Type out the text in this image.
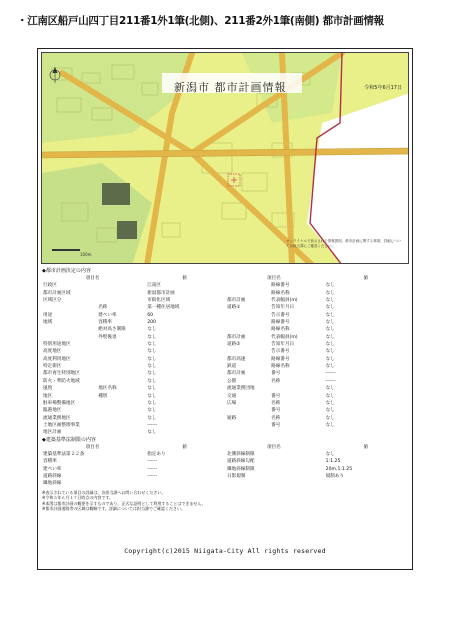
・江南区船戸山四丁目211番1外1筆(北側)、211番2外1筆(南側) 都市計画情報
新潟市 都市計画情報	令和5年6月17日
100m
オンライナルで表示された情報図面、都市計画に関する事項、詳細については担当課にご確認ください。
◆都市計画決定の内容
項目名		値
行政区		江南区
都市計画区域		新潟都市計画
区域区分		市街化区域
	名称	第一種住居地域
用途	建ぺい率	60
地域	容積率	200
	絶対高さ制限	なし
	外壁後退	なし
特別用途地区		なし
高度地区		なし
高度利用地区		なし
特定街区		なし
都市再生特別地区		なし
防火・準防火地域		なし
風致	地区名称	なし
地区	種別	なし
駐車場整備地区		なし
臨港地区		なし
流通業務地区		なし
土地区画整理事業		------
地区計画		なし
項目名		値
	路線番号	なし
	路線名称	なし
都市計画	代表幅員(m)	なし
道路①	告知年月日	なし
	告示番号	なし
	路線番号	なし
	路線名称	なし
都市計画	代表幅員(m)	なし
道路②	告知年月日	なし
	告示番号	なし
都市高速	路線番号	なし
鉄道	路線名称	なし
都市計画	番号	------
公園	名称	------
流通業務団地		なし
交通	番号	なし
広場	名称	なし
	番号	なし
通路	名称	なし
	番号	なし
◆建築基準法制限の内容
項目名	値
建築基準法第２２条	指定あり
容積率	------
建ぺい率	------
道路斜線	------
隣地斜線	
項目名	値
北側斜線制限	なし
道路斜線勾配	1:1.25
隣地斜線制限	20m,1:1.25
日影規制	規制あり
※表示されている項目の詳細は、各担当課へお問い合わせください。
※令和５年６月１７日時点の内容です。
※本図は都市計画の概要を示すものであり、正式な証明として利用することはできません。
※都市計画道路等の区域は概略です。詳細については担当課でご確認ください。
Copyright(c)2015 Niigata-City All rights reserved
